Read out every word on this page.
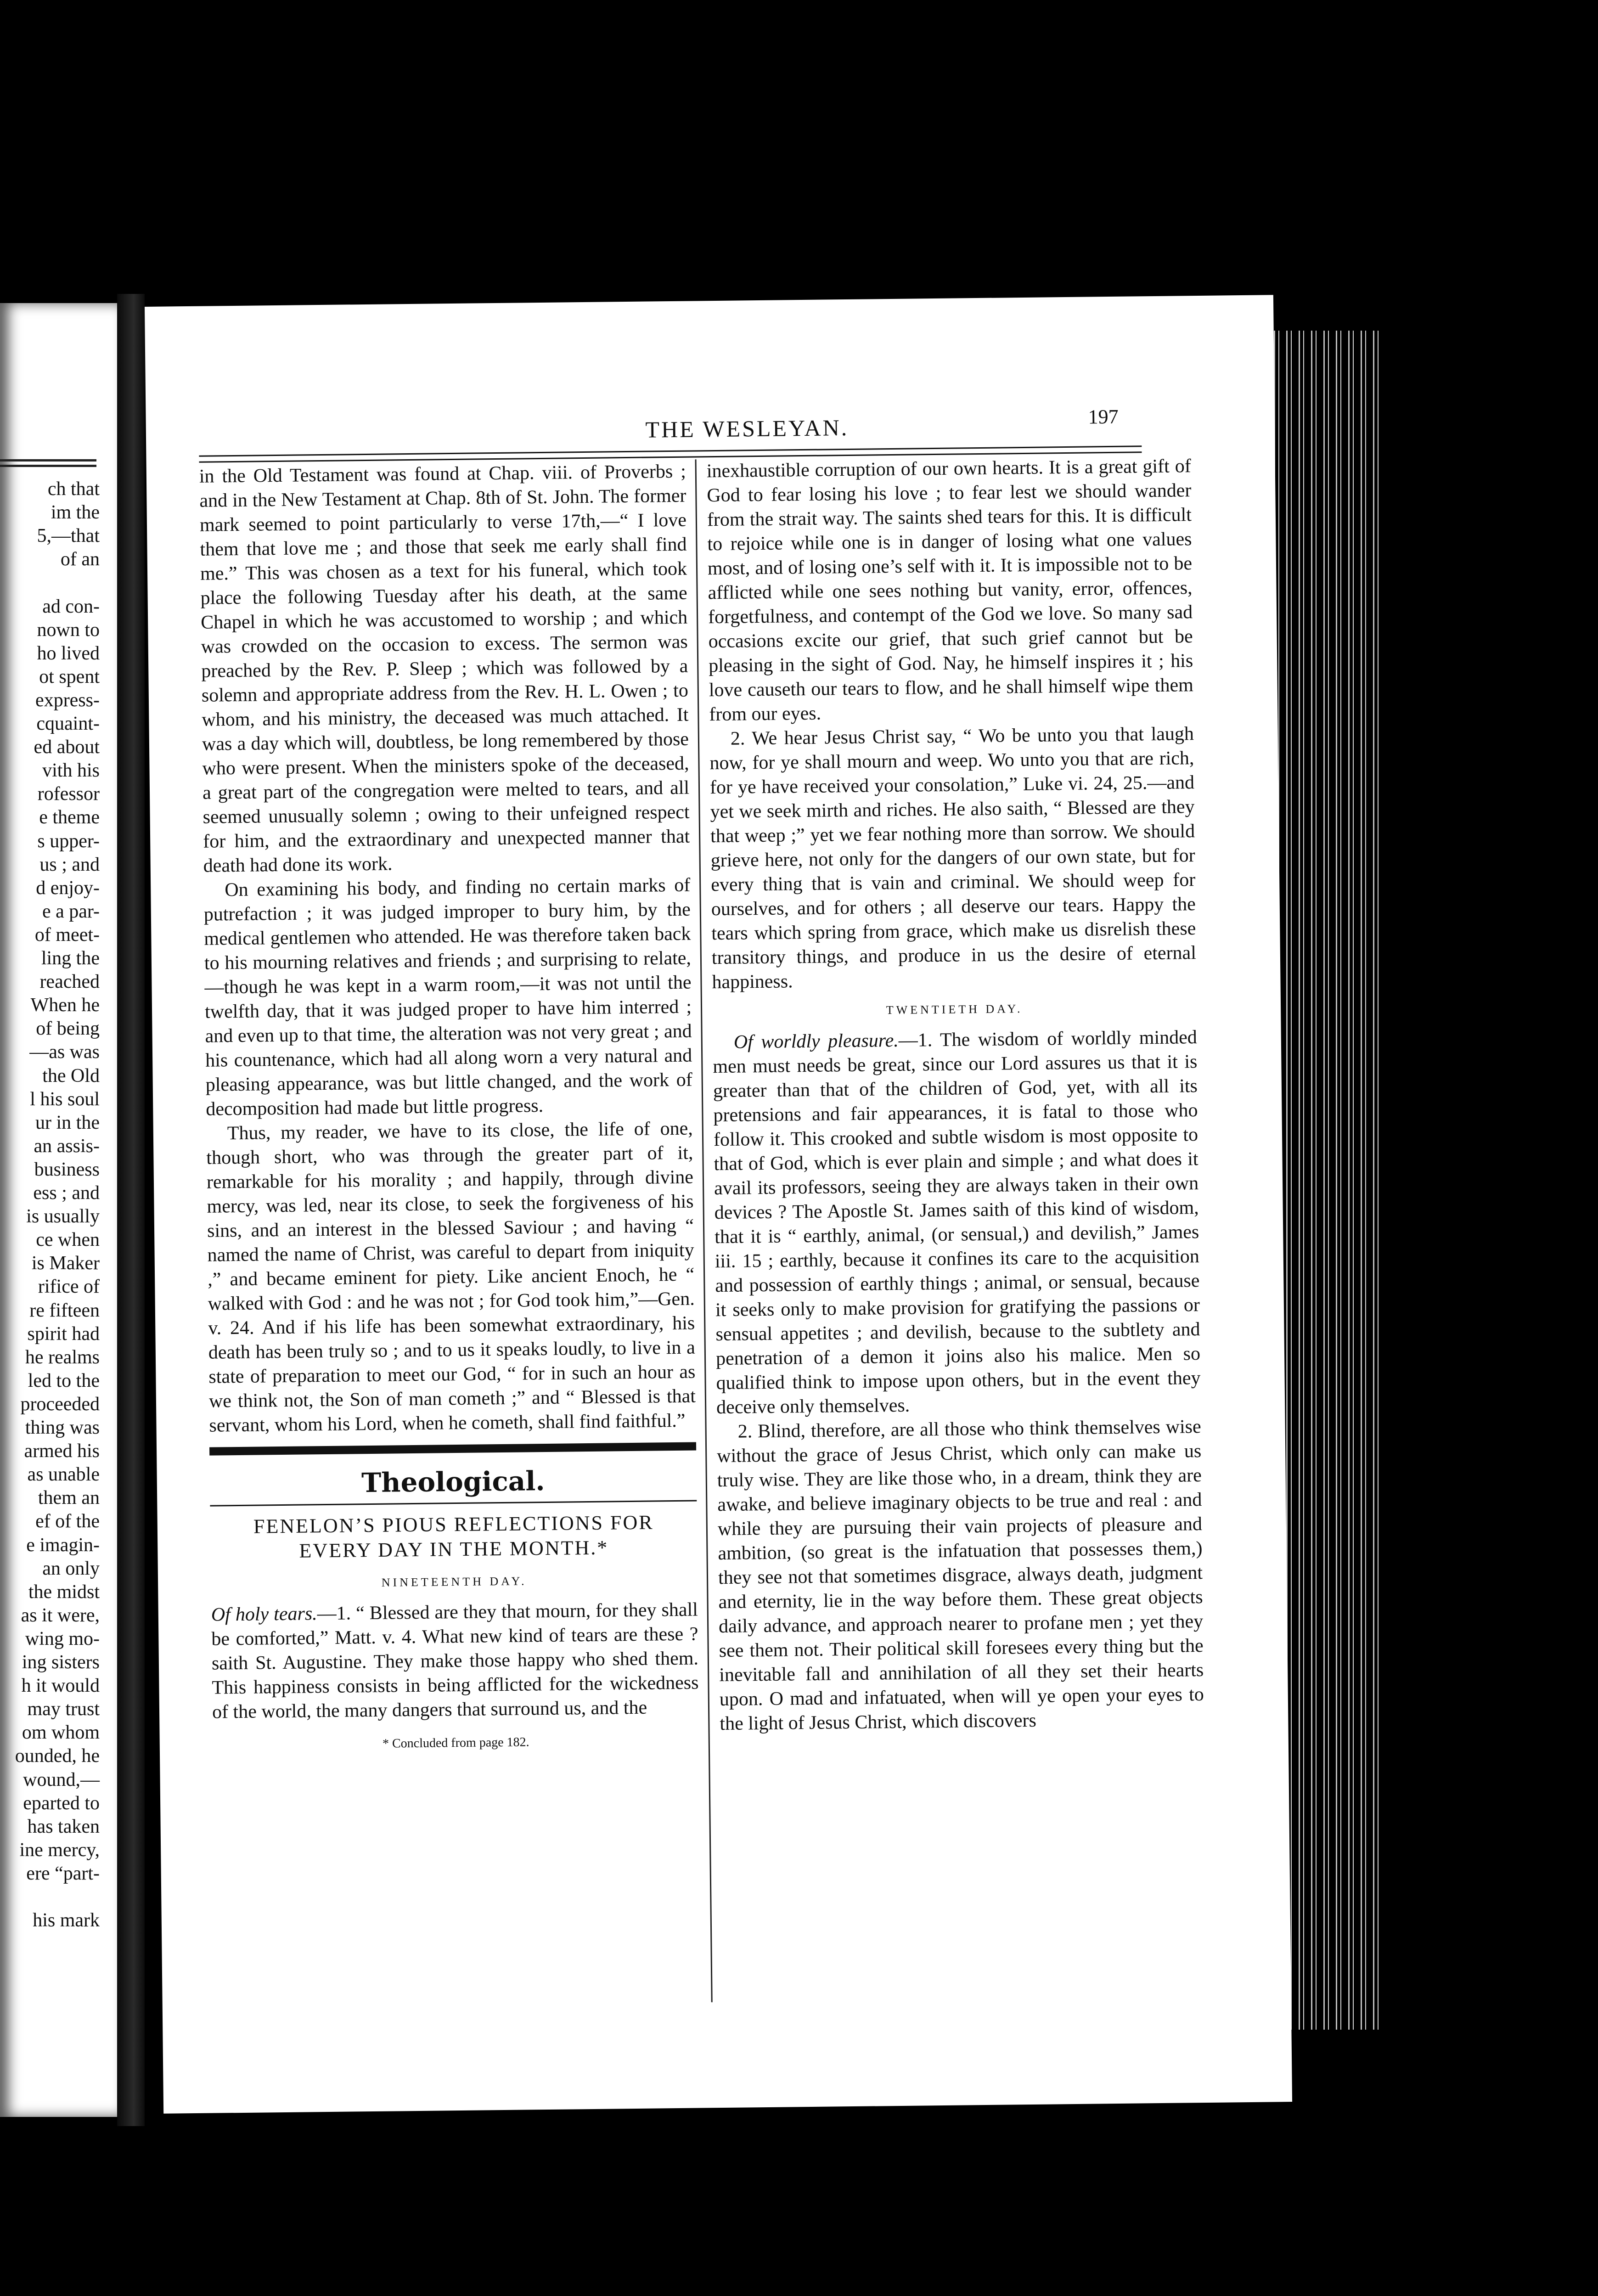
ch that
im the
5,—that
of an
ad con-
nown to
ho lived
ot spent
express-
cquaint-
ed about
vith his
rofessor
e theme
s upper-
us ; and
d enjoy-
e a par-
of meet-
ling the
reached
When he
of being
—as was
the Old
l his soul
ur in the
an assis-
business
ess ; and
is usually
ce when
is Maker
rifice of
re fifteen
spirit had
he realms
led to the
proceeded
thing was
armed his
as unable
them an
ef of the
e imagin-
an only
the midst
as it were,
wing mo-
ing sisters
h it would
may trust
om whom
ounded, he
wound,—
eparted to
has taken
ine mercy,
ere “part-
his mark
THE WESLEYAN.	197

in the Old Testament was found at Chap. viii. of Proverbs ; and in the New Testament at Chap. 8th of St. John. The former mark seemed to point particularly to verse 17th,—“ I love them that love me ; and those that seek me early shall find me.” This was chosen as a text for his funeral, which took place the following Tuesday after his death, at the same Chapel in which he was accustomed to worship ; and which was crowded on the occasion to excess. The sermon was preached by the Rev. P. Sleep ; which was followed by a solemn and appropriate address from the Rev. H. L. Owen ; to whom, and his ministry, the deceased was much attached. It was a day which will, doubtless, be long remembered by those who were present. When the ministers spoke of the deceased, a great part of the congregation were melted to tears, and all seemed unusually solemn ; owing to their unfeigned respect for him, and the extraordinary and unexpected manner that death had done its work.

On examining his body, and finding no certain marks of putrefaction ; it was judged improper to bury him, by the medical gentlemen who attended. He was therefore taken back to his mourning relatives and friends ; and surprising to relate,—though he was kept in a warm room,—it was not until the twelfth day, that it was judged proper to have him interred ; and even up to that time, the alteration was not very great ; and his countenance, which had all along worn a very natural and pleasing appearance, was but little changed, and the work of decomposition had made but little progress.

Thus, my reader, we have to its close, the life of one, though short, who was through the greater part of it, remarkable for his morality ; and happily, through divine mercy, was led, near its close, to seek the forgiveness of his sins, and an interest in the blessed Saviour ; and having “ named the name of Christ, was careful to depart from iniquity ,” and became eminent for piety. Like ancient Enoch, he “ walked with God : and he was not ; for God took him,”—Gen. v. 24. And if his life has been somewhat extraordinary, his death has been truly so ; and to us it speaks loudly, to live in a state of preparation to meet our God, “ for in such an hour as we think not, the Son of man cometh ;” and “ Blessed is that servant, whom his Lord, when he cometh, shall find faithful.”

Theological.
FENELON’S PIOUS REFLECTIONS FOR EVERY DAY IN THE MONTH.*
NINETEENTH DAY.

Of holy tears.—1. “ Blessed are they that mourn, for they shall be comforted,” Matt. v. 4. What new kind of tears are these ? saith St. Augustine. They make those happy who shed them. This happiness consists in being afflicted for the wickedness of the world, the many dangers that surround us, and the

* Concluded from page 182.

inexhaustible corruption of our own hearts. It is a great gift of God to fear losing his love ; to fear lest we should wander from the strait way. The saints shed tears for this. It is difficult to rejoice while one is in danger of losing what one values most, and of losing one’s self with it. It is impossible not to be afflicted while one sees nothing but vanity, error, offences, forgetfulness, and contempt of the God we love. So many sad occasions excite our grief, that such grief cannot but be pleasing in the sight of God. Nay, he himself inspires it ; his love causeth our tears to flow, and he shall himself wipe them from our eyes.

2. We hear Jesus Christ say, “ Wo be unto you that laugh now, for ye shall mourn and weep. Wo unto you that are rich, for ye have received your consolation,” Luke vi. 24, 25.—and yet we seek mirth and riches. He also saith, “ Blessed are they that weep ;” yet we fear nothing more than sorrow. We should grieve here, not only for the dangers of our own state, but for every thing that is vain and criminal. We should weep for ourselves, and for others ; all deserve our tears. Happy the tears which spring from grace, which make us disrelish these transitory things, and produce in us the desire of eternal happiness.

TWENTIETH DAY.

Of worldly pleasure.—1. The wisdom of worldly minded men must needs be great, since our Lord assures us that it is greater than that of the children of God, yet, with all its pretensions and fair appearances, it is fatal to those who follow it. This crooked and subtle wisdom is most opposite to that of God, which is ever plain and simple ; and what does it avail its professors, seeing they are always taken in their own devices ? The Apostle St. James saith of this kind of wisdom, that it is “ earthly, animal, (or sensual,) and devilish,” James iii. 15 ; earthly, because it confines its care to the acquisition and possession of earthly things ; animal, or sensual, because it seeks only to make provision for gratifying the passions or sensual appetites ; and devilish, because to the subtlety and penetration of a demon it joins also his malice. Men so qualified think to impose upon others, but in the event they deceive only themselves.

2. Blind, therefore, are all those who think themselves wise without the grace of Jesus Christ, which only can make us truly wise. They are like those who, in a dream, think they are awake, and believe imaginary objects to be true and real : and while they are pursuing their vain projects of pleasure and ambition, (so great is the infatuation that possesses them,) they see not that sometimes disgrace, always death, judgment and eternity, lie in the way before them. These great objects daily advance, and approach nearer to profane men ; yet they see them not. Their political skill foresees every thing but the inevitable fall and annihilation of all they set their hearts upon. O mad and infatuated, when will ye open your eyes to the light of Jesus Christ, which discovers
